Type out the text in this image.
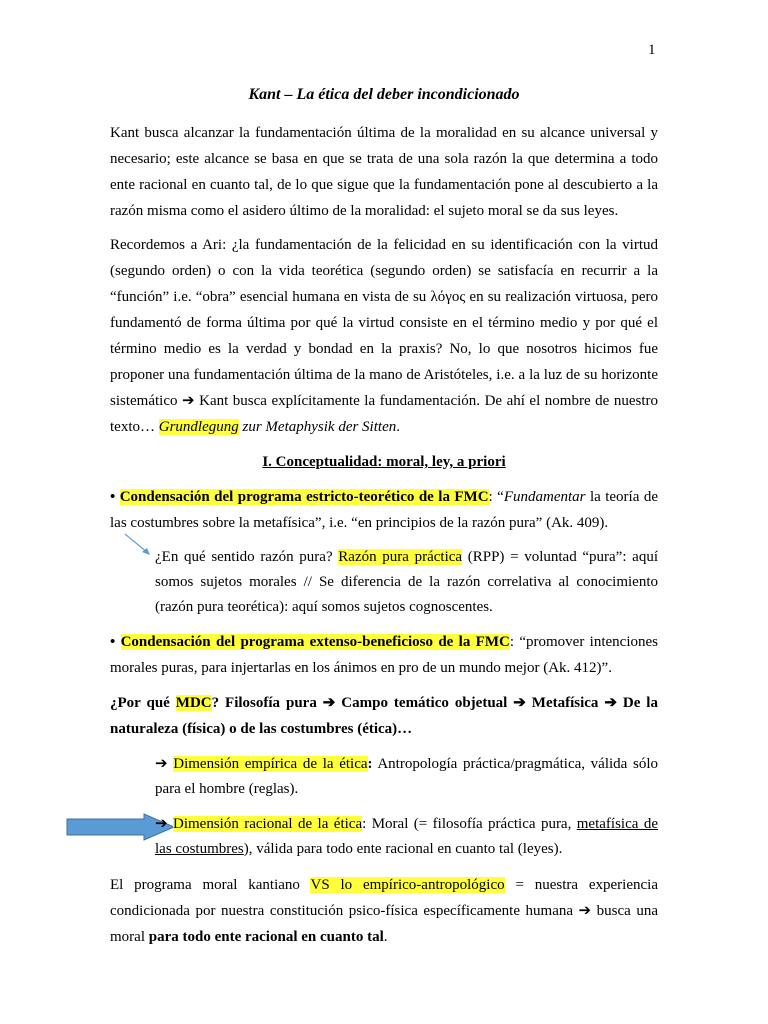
1
Kant – La ética del deber incondicionado

Kant busca alcanzar la fundamentación última de la moralidad en su alcance universal y necesario; este alcance se basa en que se trata de una sola razón la que determina a todo ente racional en cuanto tal, de lo que sigue que la fundamentación pone al descubierto a la razón misma como el asidero último de la moralidad: el sujeto moral se da sus leyes.

Recordemos a Ari: ¿la fundamentación de la felicidad en su identificación con la virtud (segundo orden) o con la vida teorética (segundo orden) se satisfacía en recurrir a la “función” i.e. “obra” esencial humana en vista de su λόγος en su realización virtuosa, pero fundamentó de forma última por qué la virtud consiste en el término medio y por qué el término medio es la verdad y bondad en la praxis? No, lo que nosotros hicimos fue proponer una fundamentación última de la mano de Aristóteles, i.e. a la luz de su horizonte sistemático ➔ Kant busca explícitamente la fundamentación. De ahí el nombre de nuestro texto… Grundlegung zur Metaphysik der Sitten.

I. Conceptualidad: moral, ley, a priori

• Condensación del programa estricto-teorético de la FMC: “Fundamentar la teoría de las costumbres sobre la metafísica”, i.e. “en principios de la razón pura” (Ak. 409).

¿En qué sentido razón pura? Razón pura práctica (RPP) = voluntad “pura”: aquí somos sujetos morales // Se diferencia de la razón correlativa al conocimiento (razón pura teorética): aquí somos sujetos cognoscentes.

• Condensación del programa extenso-beneficioso de la FMC: “promover intenciones morales puras, para injertarlas en los ánimos en pro de un mundo mejor (Ak. 412)”.

¿Por qué MDC? Filosofía pura ➔ Campo temático objetual ➔ Metafísica ➔ De la naturaleza (física) o de las costumbres (ética)…

➔ Dimensión empírica de la ética: Antropología práctica/pragmática, válida sólo para el hombre (reglas).

➔ Dimensión racional de la ética: Moral (= filosofía práctica pura, metafísica de las costumbres), válida para todo ente racional en cuanto tal (leyes).

El programa moral kantiano VS lo empírico-antropológico = nuestra experiencia condicionada por nuestra constitución psico-física específicamente humana ➔ busca una moral para todo ente racional en cuanto tal.
